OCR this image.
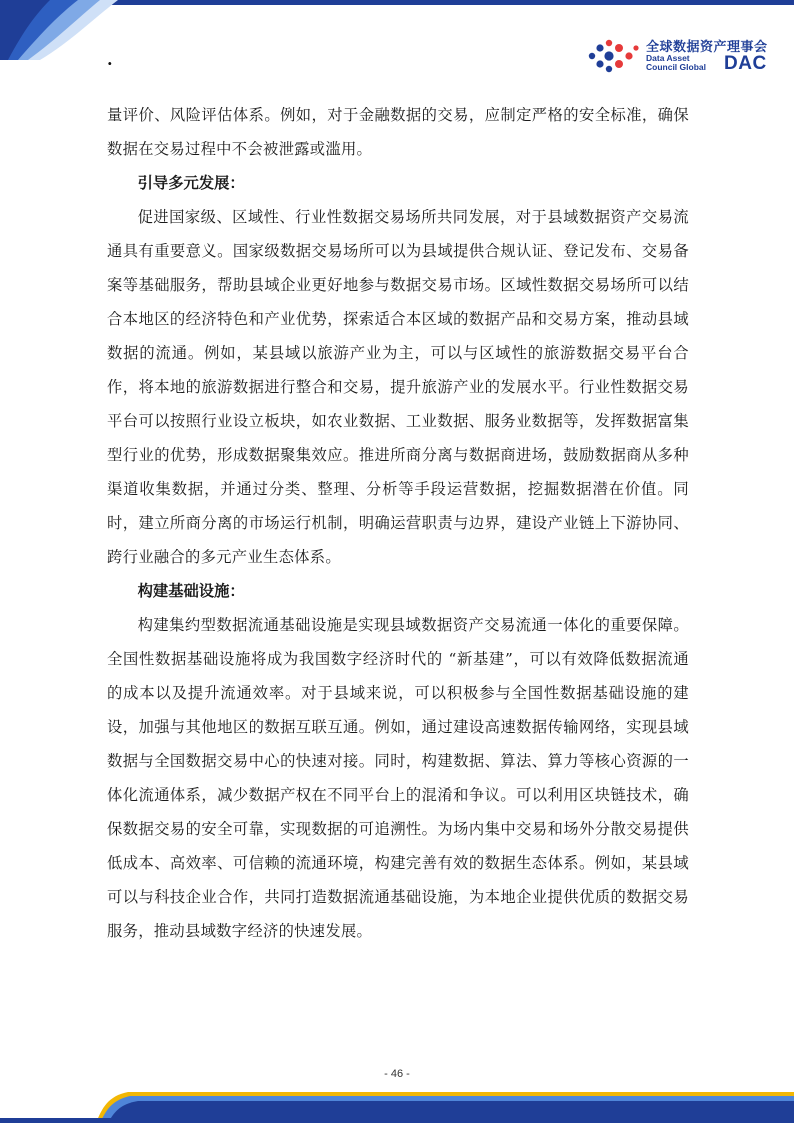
.
全球数据资产理事会
Data Asset
Council Global DAC

量评价、风险评估体系。例如，对于金融数据的交易，应制定严格的安全标准，确保数据在交易过程中不会被泄露或滥用。

引导多元发展：

促进国家级、区域性、行业性数据交易场所共同发展，对于县域数据资产交易流通具有重要意义。国家级数据交易场所可以为县域提供合规认证、登记发布、交易备案等基础服务，帮助县域企业更好地参与数据交易市场。区域性数据交易场所可以结合本地区的经济特色和产业优势，探索适合本区域的数据产品和交易方案，推动县域数据的流通。例如，某县域以旅游产业为主，可以与区域性的旅游数据交易平台合作，将本地的旅游数据进行整合和交易，提升旅游产业的发展水平。行业性数据交易平台可以按照行业设立板块，如农业数据、工业数据、服务业数据等，发挥数据富集型行业的优势，形成数据聚集效应。推进所商分离与数据商进场，鼓励数据商从多种渠道收集数据，并通过分类、整理、分析等手段运营数据，挖掘数据潜在价值。同时，建立所商分离的市场运行机制，明确运营职责与边界，建设产业链上下游协同、跨行业融合的多元产业生态体系。

构建基础设施：

构建集约型数据流通基础设施是实现县域数据资产交易流通一体化的重要保障。全国性数据基础设施将成为我国数字经济时代的 “新基建”，可以有效降低数据流通的成本以及提升流通效率。对于县域来说，可以积极参与全国性数据基础设施的建设，加强与其他地区的数据互联互通。例如，通过建设高速数据传输网络，实现县域数据与全国数据交易中心的快速对接。同时，构建数据、算法、算力等核心资源的一体化流通体系，减少数据产权在不同平台上的混淆和争议。可以利用区块链技术，确保数据交易的安全可靠，实现数据的可追溯性。为场内集中交易和场外分散交易提供低成本、高效率、可信赖的流通环境，构建完善有效的数据生态体系。例如，某县域可以与科技企业合作，共同打造数据流通基础设施，为本地企业提供优质的数据交易服务，推动县域数字经济的快速发展。

- 46 -
